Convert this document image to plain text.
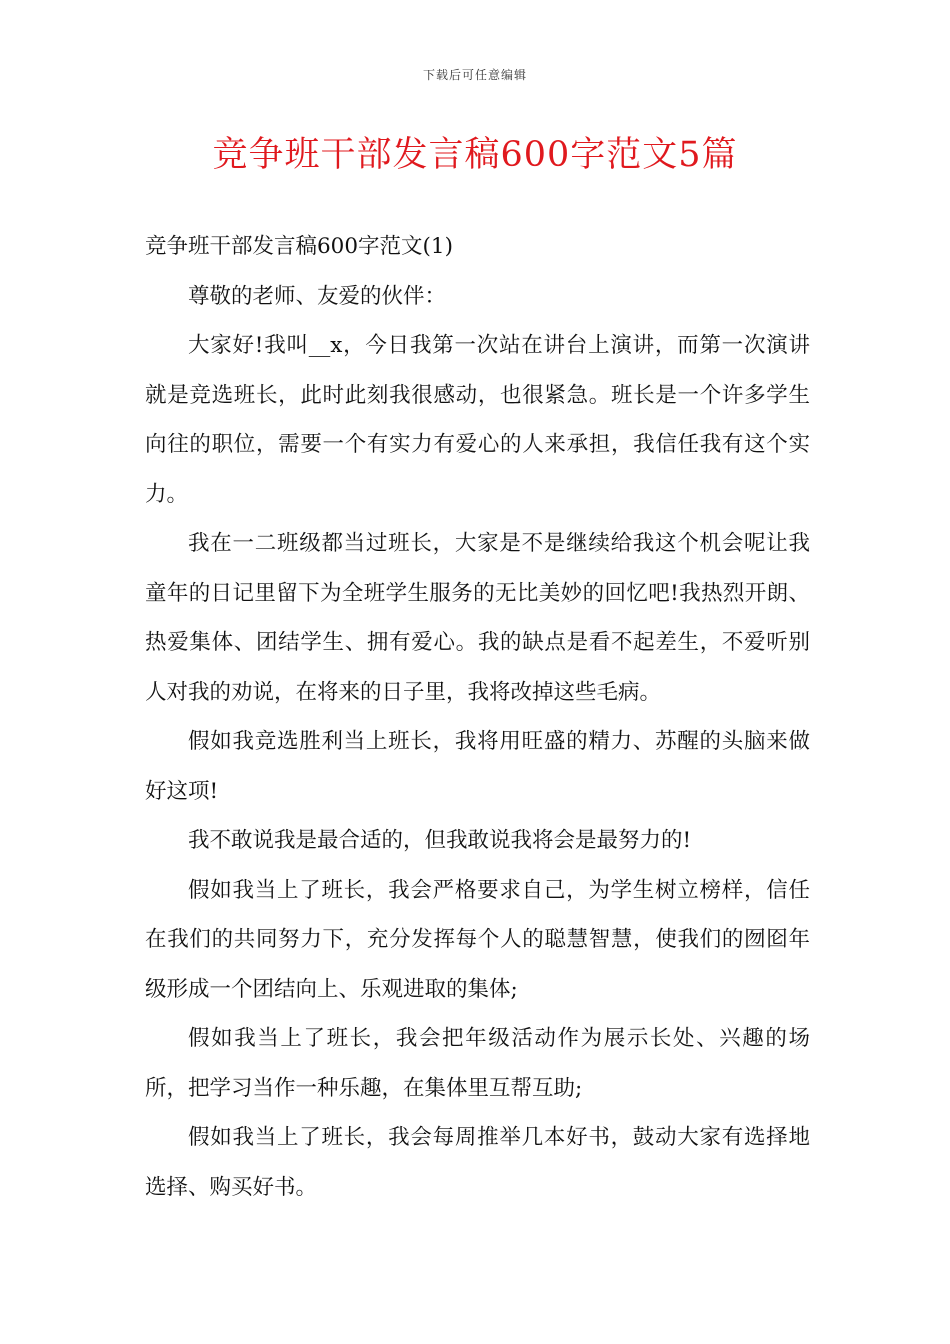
下载后可任意编辑
竞争班干部发言稿600字范文5篇

竞争班干部发言稿600字范文(1)

尊敬的老师、友爱的伙伴：

大家好!我叫__x，今日我第一次站在讲台上演讲，而第一次演讲就是竞选班长，此时此刻我很感动，也很紧急。班长是一个许多学生向往的职位，需要一个有实力有爱心的人来承担，我信任我有这个实力。

我在一二班级都当过班长，大家是不是继续给我这个机会呢让我童年的日记里留下为全班学生服务的无比美妙的回忆吧!我热烈开朗、热爱集体、团结学生、拥有爱心。我的缺点是看不起差生，不爱听别人对我的劝说，在将来的日子里，我将改掉这些毛病。

假如我竞选胜利当上班长，我将用旺盛的精力、苏醒的头脑来做好这项!

我不敢说我是最合适的，但我敢说我将会是最努力的!

假如我当上了班长，我会严格要求自己，为学生树立榜样，信任在我们的共同努力下，充分发挥每个人的聪慧智慧，使我们的囫囵年级形成一个团结向上、乐观进取的集体;

假如我当上了班长，我会把年级活动作为展示长处、兴趣的场所，把学习当作一种乐趣，在集体里互帮互助;

假如我当上了班长，我会每周推举几本好书，鼓动大家有选择地选择、购买好书。
